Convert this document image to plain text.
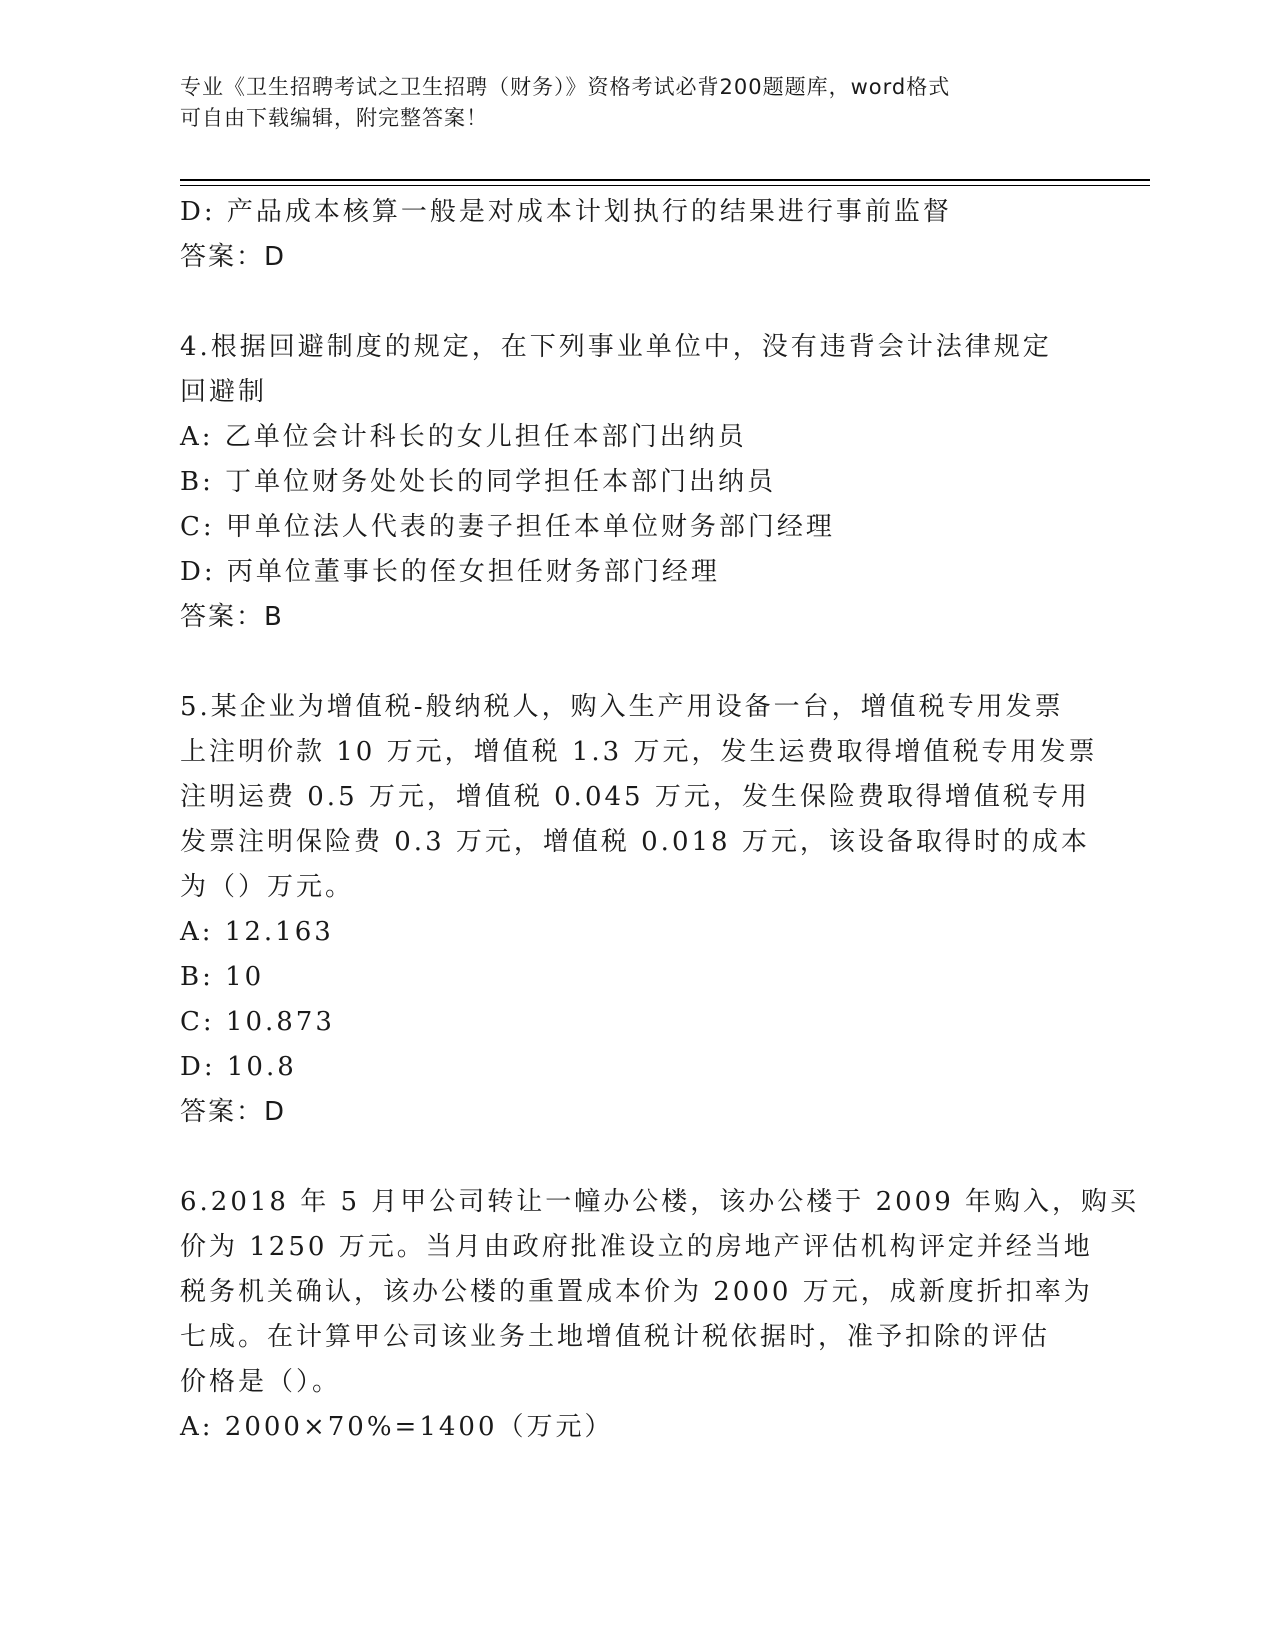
专业《卫生招聘考试之卫生招聘（财务）》资格考试必背200题题库，word格式
可自由下载编辑，附完整答案！
D: 产品成本核算一般是对成本计划执行的结果进行事前监督
答案：D
4.根据回避制度的规定，在下列事业单位中，没有违背会计法律规定
回避制
A: 乙单位会计科长的女儿担任本部门出纳员
B: 丁单位财务处处长的同学担任本部门出纳员
C: 甲单位法人代表的妻子担任本单位财务部门经理
D: 丙单位董事长的侄女担任财务部门经理
答案：B
5.某企业为增值税-般纳税人，购入生产用设备一台，增值税专用发票
上注明价款 10 万元，增值税 1.3 万元，发生运费取得增值税专用发票
注明运费 0.5 万元，增值税 0.045 万元，发生保险费取得增值税专用
发票注明保险费 0.3 万元，增值税 0.018 万元，该设备取得时的成本
为（）万元。
A: 12.163
B: 10
C: 10.873
D: 10.8
答案：D
6.2018 年 5 月甲公司转让一幢办公楼，该办公楼于 2009 年购入，购买
价为 1250 万元。当月由政府批准设立的房地产评估机构评定并经当地
税务机关确认，该办公楼的重置成本价为 2000 万元，成新度折扣率为
七成。在计算甲公司该业务土地增值税计税依据时，准予扣除的评估
价格是（）。
A: 2000×70%=1400（万元）
